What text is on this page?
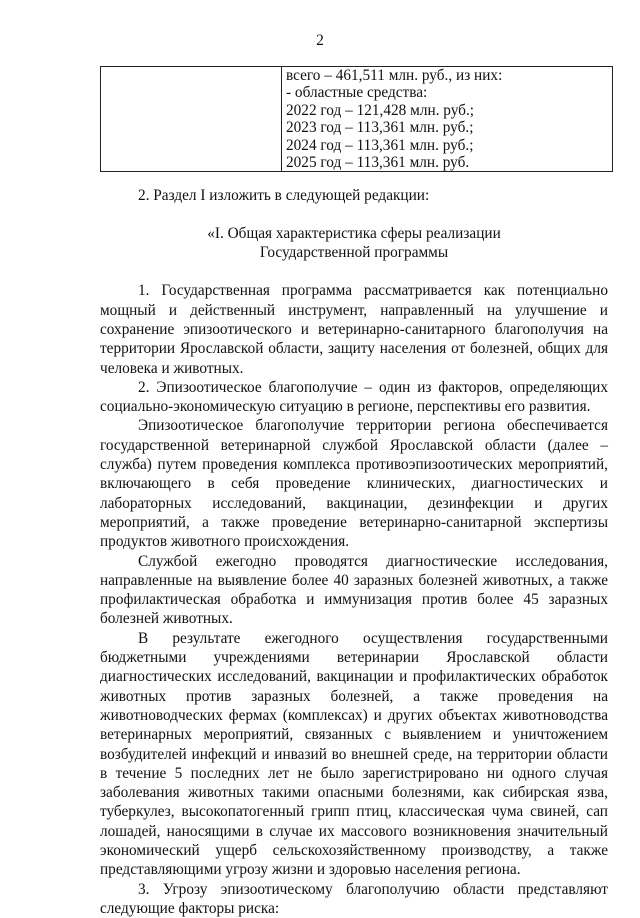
2

всего – 461,511 млн. руб., из них:
- областные средства:
2022 год – 121,428 млн. руб.;
2023 год – 113,361 млн. руб.;
2024 год – 113,361 млн. руб.;
2025 год – 113,361 млн. руб.

2. Раздел I изложить в следующей редакции:

«I. Общая характеристика сферы реализации
Государственной программы

1. Государственная программа рассматривается как потенциально мощный и действенный инструмент, направленный на улучшение и сохранение эпизоотического и ветеринарно-санитарного благополучия на территории Ярославской области, защиту населения от болезней, общих для человека и животных.

2. Эпизоотическое благополучие – один из факторов, определяющих социально-экономическую ситуацию в регионе, перспективы его развития.

Эпизоотическое благополучие территории региона обеспечивается государственной ветеринарной службой Ярославской области (далее – служба) путем проведения комплекса противоэпизоотических мероприятий, включающего в себя проведение клинических, диагностических и лабораторных исследований, вакцинации, дезинфекции и других мероприятий, а также проведение ветеринарно-санитарной экспертизы продуктов животного происхождения.

Службой ежегодно проводятся диагностические исследования, направленные на выявление более 40 заразных болезней животных, а также профилактическая обработка и иммунизация против более 45 заразных болезней животных.

В результате ежегодного осуществления государственными бюджетными учреждениями ветеринарии Ярославской области диагностических исследований, вакцинации и профилактических обработок животных против заразных болезней, а также проведения на животноводческих фермах (комплексах) и других объектах животноводства ветеринарных мероприятий, связанных с выявлением и уничтожением возбудителей инфекций и инвазий во внешней среде, на территории области в течение 5 последних лет не было зарегистрировано ни одного случая заболевания животных такими опасными болезнями, как сибирская язва, туберкулез, высокопатогенный грипп птиц, классическая чума свиней, сап лошадей, наносящими в случае их массового возникновения значительный экономический ущерб сельскохозяйственному производству, а также представляющими угрозу жизни и здоровью населения региона.

3. Угрозу эпизоотическому благополучию области представляют следующие факторы риска:
